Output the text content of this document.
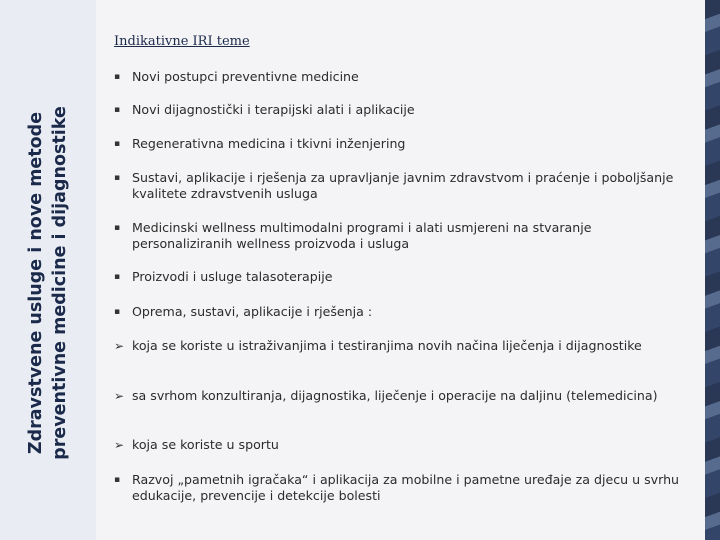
Zdravstvene usluge i nove metode preventivne medicine i dijagnostike
Indikativne IRI teme
▪ Novi postupci preventivne medicine
▪ Novi dijagnostički i terapijski alati i aplikacije
▪ Regenerativna medicina i tkivni inženjering
▪ Sustavi, aplikacije i rješenja za upravljanje javnim zdravstvom i praćenje i poboljšanje kvalitete zdravstvenih usluga
▪ Medicinski wellness multimodalni programi i alati usmjereni na stvaranje personaliziranih wellness proizvoda i usluga
▪ Proizvodi i usluge talasoterapije
▪ Oprema, sustavi, aplikacije i rješenja :
➢ koja se koriste u istraživanjima i testiranjima novih načina liječenja i dijagnostike
➢ sa svrhom konzultiranja, dijagnostika, liječenje i operacije na daljinu (telemedicina)
➢ koja se koriste u sportu
▪ Razvoj „pametnih igračaka“ i aplikacija za mobilne i pametne uređaje za djecu u svrhu edukacije, prevencije i detekcije bolesti
